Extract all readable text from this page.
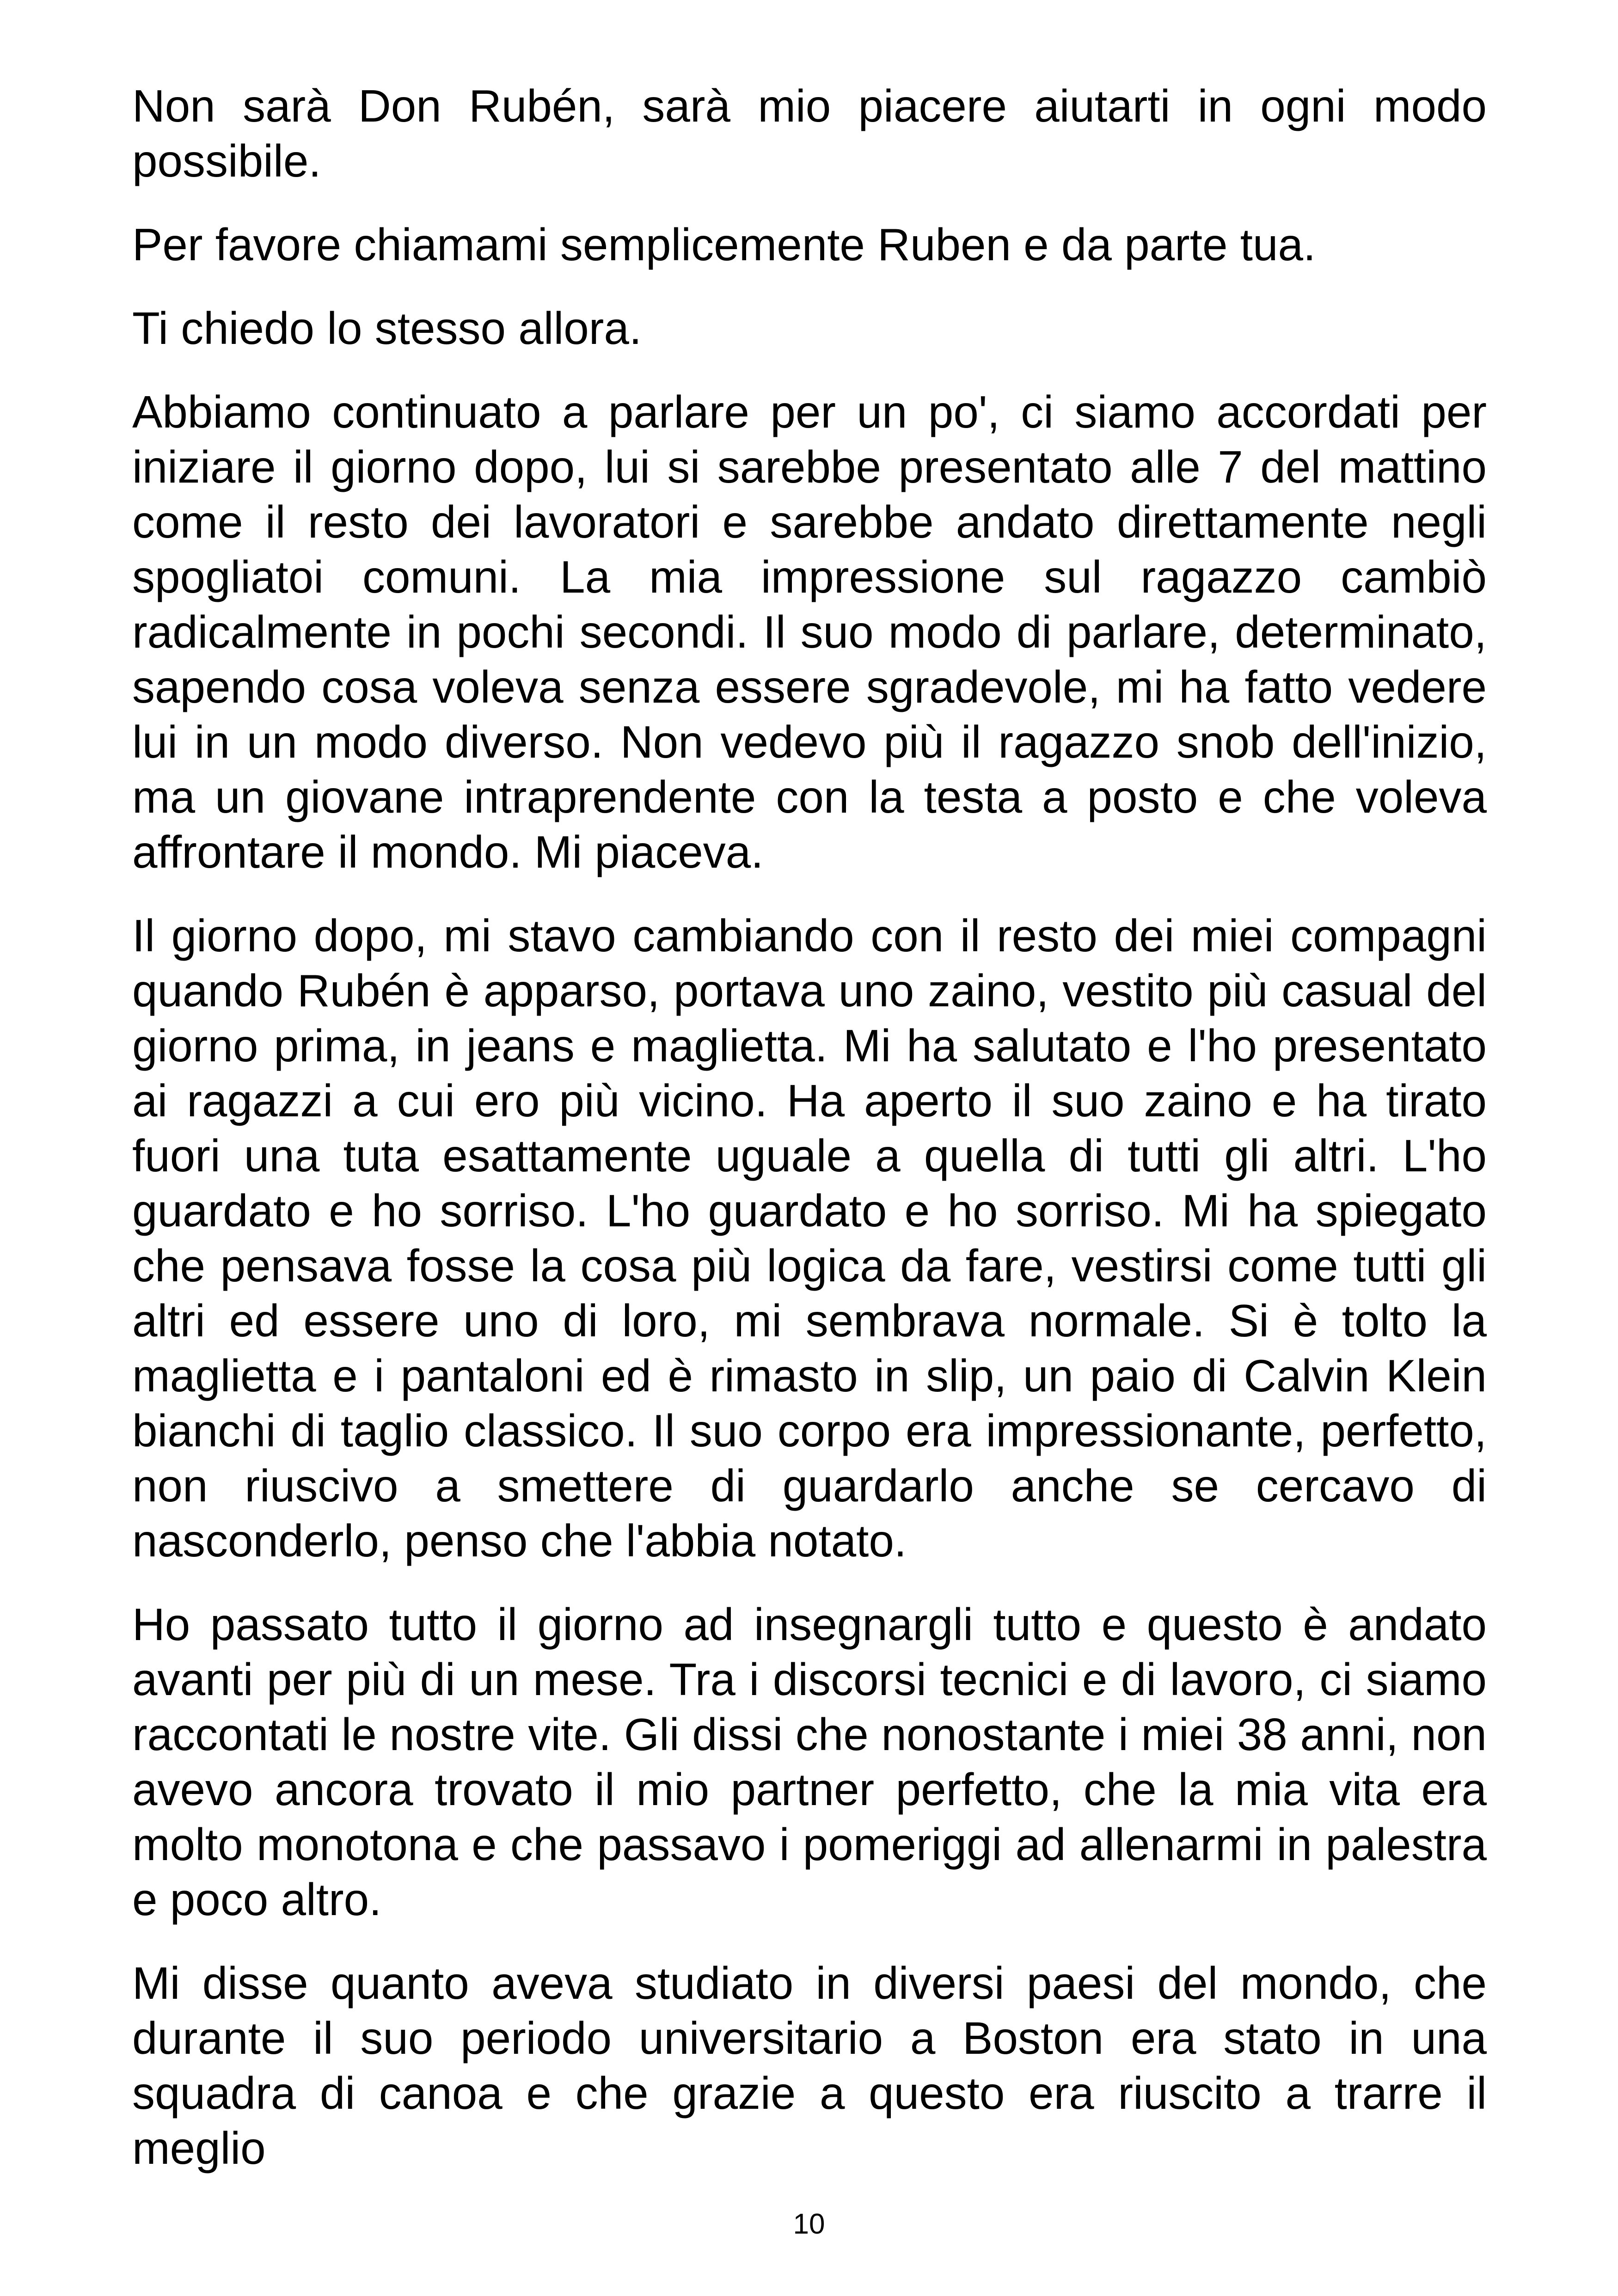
Non sarà Don Rubén, sarà mio piacere aiutarti in ogni modo possibile.

Per favore chiamami semplicemente Ruben e da parte tua.

Ti chiedo lo stesso allora.

Abbiamo continuato a parlare per un po', ci siamo accordati per iniziare il giorno dopo, lui si sarebbe presentato alle 7 del mattino come il resto dei lavoratori e sarebbe andato direttamente negli spogliatoi comuni. La mia impressione sul ragazzo cambiò radicalmente in pochi secondi. Il suo modo di parlare, determinato, sapendo cosa voleva senza essere sgradevole, mi ha fatto vedere lui in un modo diverso. Non vedevo più il ragazzo snob dell'inizio, ma un giovane intraprendente con la testa a posto e che voleva affrontare il mondo. Mi piaceva.

Il giorno dopo, mi stavo cambiando con il resto dei miei compagni quando Rubén è apparso, portava uno zaino, vestito più casual del giorno prima, in jeans e maglietta. Mi ha salutato e l'ho presentato ai ragazzi a cui ero più vicino. Ha aperto il suo zaino e ha tirato fuori una tuta esattamente uguale a quella di tutti gli altri. L'ho guardato e ho sorriso. L'ho guardato e ho sorriso. Mi ha spiegato che pensava fosse la cosa più logica da fare, vestirsi come tutti gli altri ed essere uno di loro, mi sembrava normale. Si è tolto la maglietta e i pantaloni ed è rimasto in slip, un paio di Calvin Klein bianchi di taglio classico. Il suo corpo era impressionante, perfetto, non riuscivo a smettere di guardarlo anche se cercavo di nasconderlo, penso che l'abbia notato.

Ho passato tutto il giorno ad insegnargli tutto e questo è andato avanti per più di un mese. Tra i discorsi tecnici e di lavoro, ci siamo raccontati le nostre vite. Gli dissi che nonostante i miei 38 anni, non avevo ancora trovato il mio partner perfetto, che la mia vita era molto monotona e che passavo i pomeriggi ad allenarmi in palestra e poco altro.

Mi disse quanto aveva studiato in diversi paesi del mondo, che durante il suo periodo universitario a Boston era stato in una squadra di canoa e che grazie a questo era riuscito a trarre il meglio

10
